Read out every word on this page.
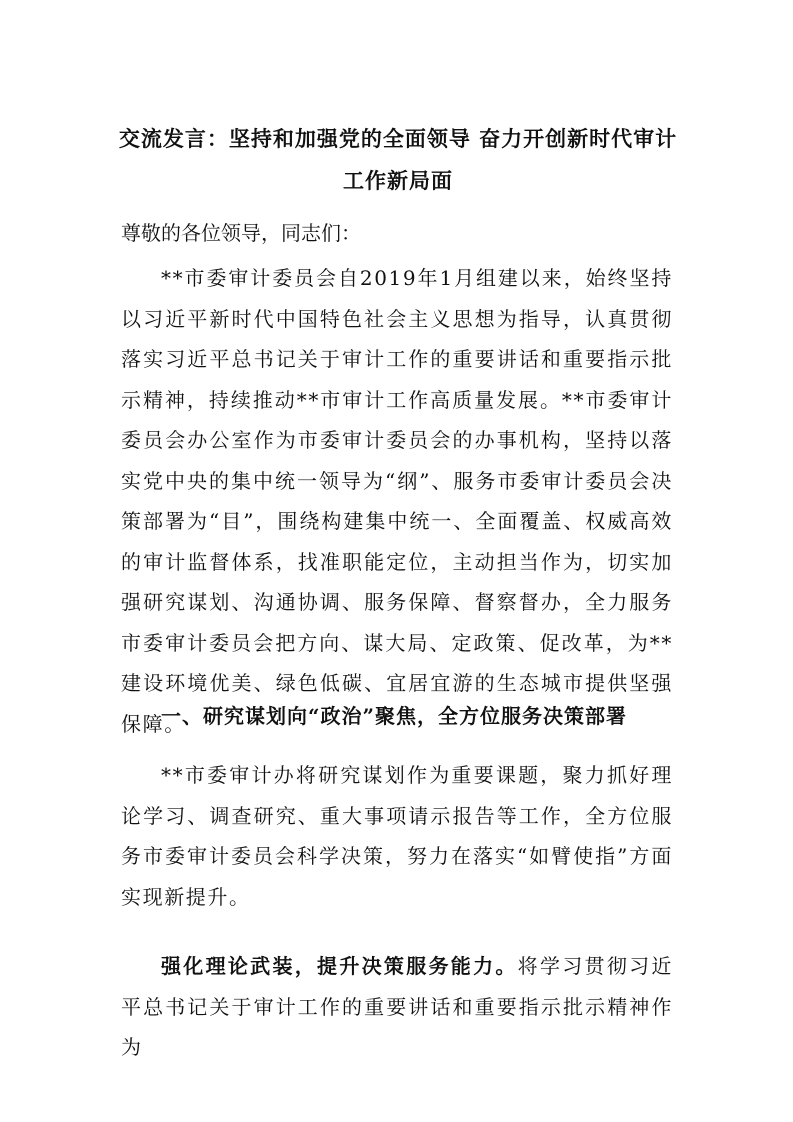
交流发言：坚持和加强党的全面领导 奋力开创新时代审计
工作新局面
尊敬的各位领导，同志们：

**市委审计委员会自2019年1月组建以来，始终坚持以习近平新时代中国特色社会主义思想为指导，认真贯彻落实习近平总书记关于审计工作的重要讲话和重要指示批示精神，持续推动**市审计工作高质量发展。**市委审计委员会办公室作为市委审计委员会的办事机构，坚持以落实党中央的集中统一领导为“纲”、服务市委审计委员会决策部署为“目”，围绕构建集中统一、全面覆盖、权威高效的审计监督体系，找准职能定位，主动担当作为，切实加强研究谋划、沟通协调、服务保障、督察督办，全力服务市委审计委员会把方向、谋大局、定政策、促改革，为**建设环境优美、绿色低碳、宜居宜游的生态城市提供坚强保障。

一、研究谋划向“政治”聚焦，全方位服务决策部署

**市委审计办将研究谋划作为重要课题，聚力抓好理论学习、调查研究、重大事项请示报告等工作，全方位服务市委审计委员会科学决策，努力在落实“如臂使指”方面实现新提升。

强化理论武装，提升决策服务能力。将学习贯彻习近平总书记关于审计工作的重要讲话和重要指示批示精神作为
